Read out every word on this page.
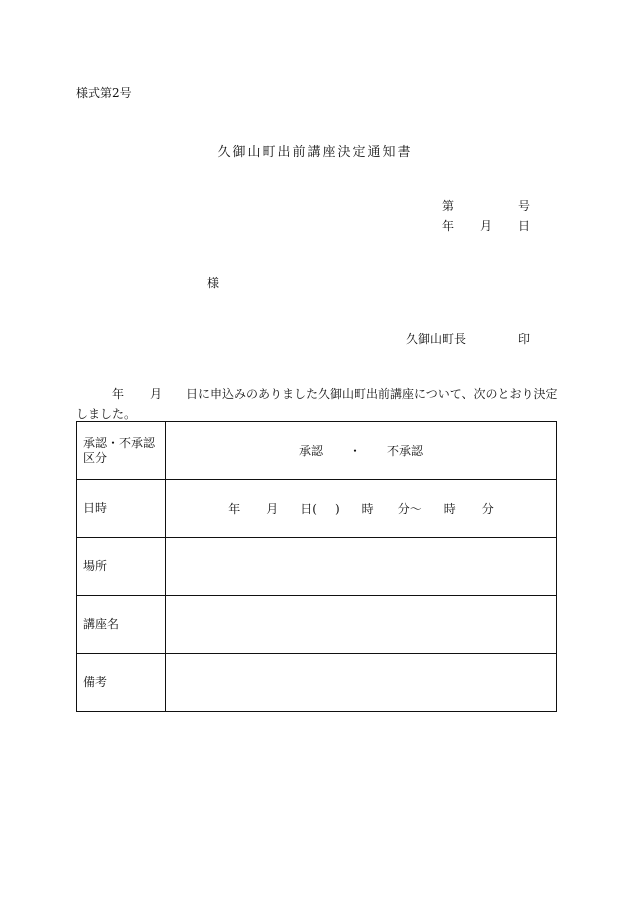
様式第2号
久御山町出前講座決定通知書
第	号
年 月 日
様
久御山町長	印
年 月 日に申込みのありました久御山町出前講座について、次のとおり決定
しました。
承認・不承認
区分	承認 ・ 不承認
日時	年 月 日( ) 時 分〜 時 分
場所	
講座名	
備考	
